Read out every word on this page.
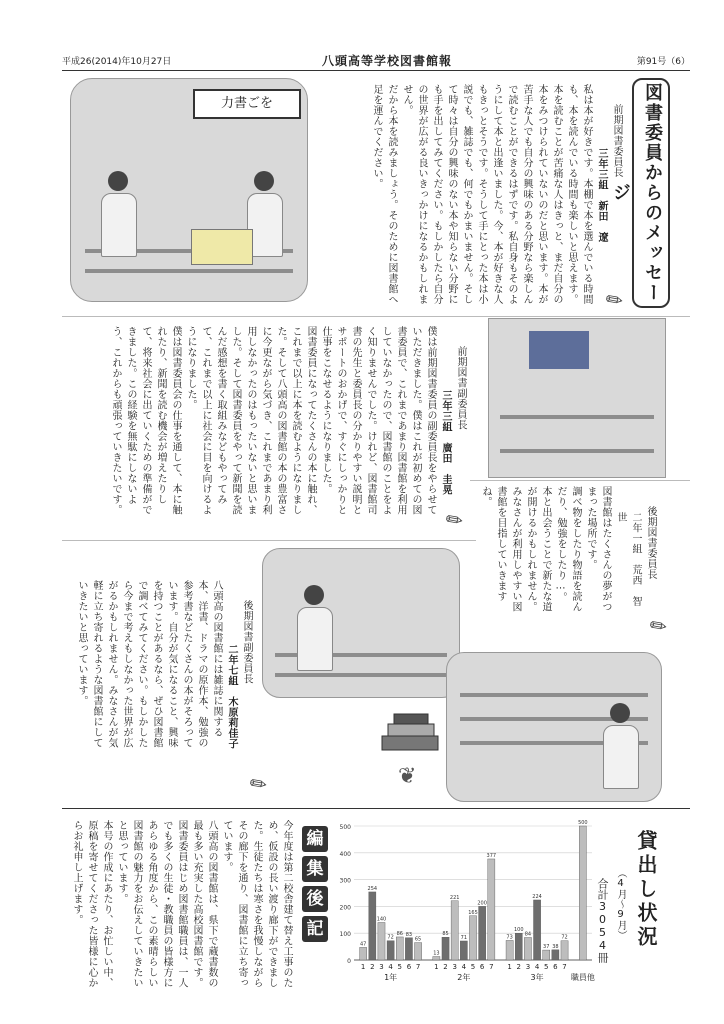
平成26(2014)年10月27日	八頭高等学校図書館報	第91号（6）
力書ごを	図書委員からのメッセージ

前期図書委員長

三年三組　新田　遼

私は本が好きです。本棚で本を選んでいる時間も、本を読んでいる時間も楽しいと思えます。本を読むことが苦痛な人はきっと、まだ自分の本をみつけられていないのだと思います。本が苦手な人でも自分の興味のある分野なら楽しんで読むことができるはずです。私自身もそのようにして本と出逢いました。今、本が好きな人もきっとそうです。そうして手にとった本は小説でも、雑誌でも、何でもかまいません。そして時々は自分の興味のない本や知らない分野にも手を出してみてください。もしかしたら自分の世界が広がる良いきっかけになるかもしれません。

だから本を読みましょう。そのために図書館へ足を運んでください。

✎

前期図書副委員長

三年三組　廣田　圭晃

僕は前期図書委員の副委員長をやらせていただきました。僕はこれが初めての図書委員で、これまであまり図書館を利用していなかったので、図書館のことをよく知りませんでした。けれど、図書館司書の先生と委員長の分かりやすい説明とサポートのおかげで、すぐにしっかりと仕事をこなせるようになりました。

図書委員になってたくさんの本に触れ、これまで以上に本を読むようになりました。そして八頭高の図書館の本の豊富さに今更ながら気づき、これまであまり利用しなかったのはもったいないと思いました。そして図書委員をやって新聞を読んだ感想を書く取組みなどもやってみて、これまで以上に社会に目を向けるようになりました。

僕は図書委員会の仕事を通して、本に触れたり、新聞を読む機会が増えたりして、将来社会に出ていくための準備ができました。この経験を無駄にしないよう、これからも頑張っていきたいです。

✎	後期図書委員長

二年一組　荒西　智世

図書館はたくさんの夢がつまった場所です。

調べ物をしたり物語を読んだり、勉強をしたり…。

本と出会うことで新たな道が開けるかもしれません。

みなさんが利用しやすい図書館を目指していきますね。

✎

後期図書副委員長

二年七組　木原莉佳子

八頭高の図書館には雑誌に関する本、洋書、ドラマの原作本、勉強の参考書などたくさんの本がそろっています。自分が気になること、興味を持つことがあるなら、ぜひ図書館で調べてみてください。もしかしたら今まで考えもしなかった世界が広がるかもしれません。みなさんが気軽に立ち寄れるような図書館にしていきたいと思っています。

✎	❦
編
集
後
記

今年度は第二校舎建て替え工事のため、仮設の長い渡り廊下ができました。生徒たちは寒さを我慢しながらその廊下を通り、図書館に立ち寄っています。

八頭高の図書館は、県下で蔵書数の最も多い充実した高校図書館です。図書委員はじめ図書館職員は、一人でも多くの生徒・教職員の皆様方にあらゆる角度から、この素晴らしい図書館の魅力をお伝えしていきたいと思っています。

本号の作成にあたり、お忙しい中、原稿を寄せてくださった皆様に心からお礼申し上げます。

0
100
200
300
400
500
47
1
254
2
140
3
72
4
86
5
83
6
65
7
1年
13
1
85
2
221
3
71
4
165
5
200
6
377
7
2年
73
1
100
2
84
3
224
4
37
5
38
6
72
7
3年
500
職員他
貸出し状況
（4月〜9月）
合計3054冊
